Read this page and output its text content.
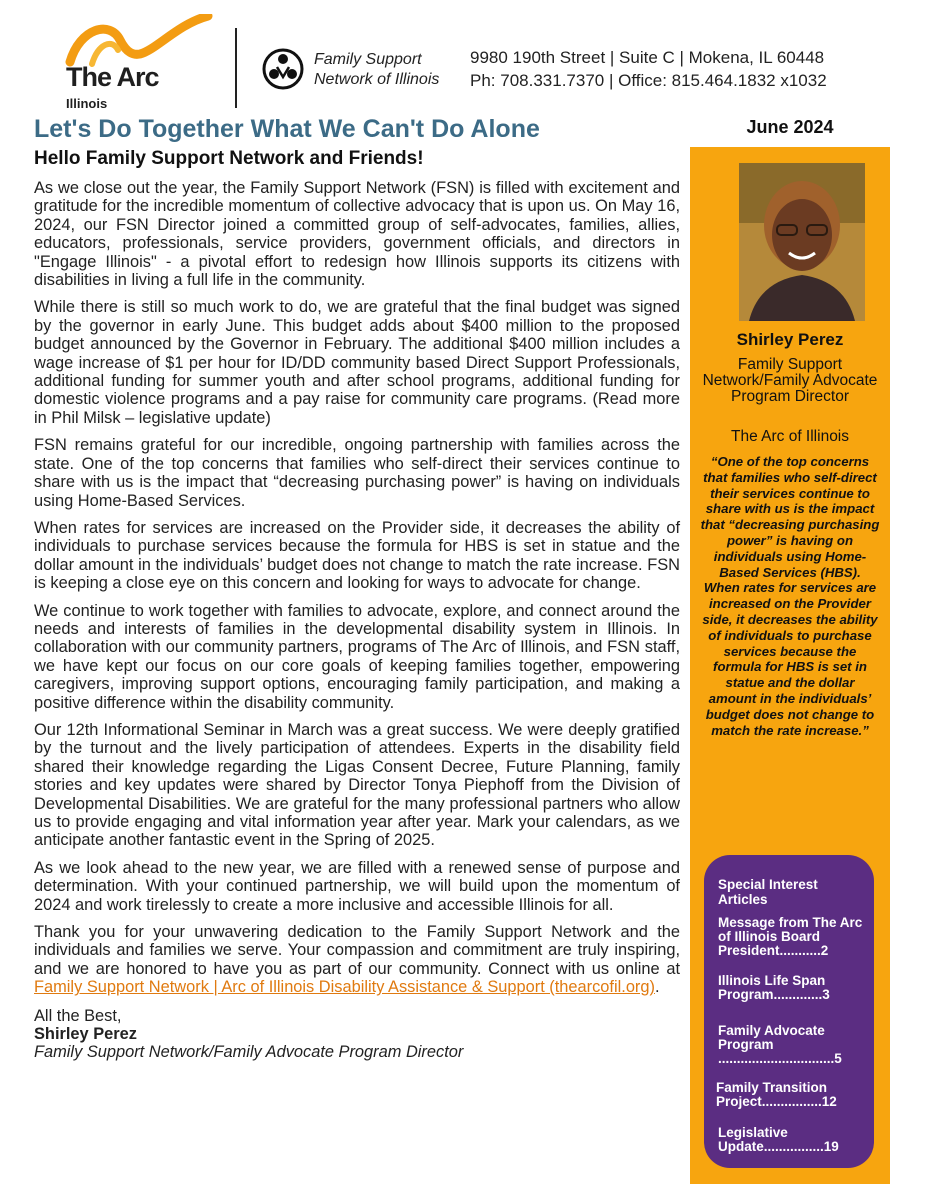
The Arc
Illinois
Family Support
Network of Illinois
9980 190th Street | Suite C | Mokena, IL 60448
Ph: 708.331.7370 | Office: 815.464.1832 x1032
Let's Do Together What We Can't Do Alone
Hello Family Support Network and Friends!

As we close out the year, the Family Support Network (FSN) is filled with excitement and gratitude for the incredible momentum of collective advocacy that is upon us. On May 16, 2024, our FSN Director joined a committed group of self-advocates, families, allies, educators, professionals, service providers, government officials, and directors in "Engage Illinois" - a pivotal effort to redesign how Illinois supports its citizens with disabilities in living a full life in the community.

While there is still so much work to do, we are grateful that the final budget was signed by the governor in early June. This budget adds about $400 million to the proposed budget announced by the Governor in February. The additional $400 million includes a wage increase of $1 per hour for ID/DD community based Direct Support Professionals, additional funding for summer youth and after school programs, additional funding for domestic violence programs and a pay raise for community care programs. (Read more in Phil Milsk – legislative update)

FSN remains grateful for our incredible, ongoing partnership with families across the state. One of the top concerns that families who self-direct their services continue to share with us is the impact that “decreasing purchasing power” is having on individuals using Home-Based Services.

When rates for services are increased on the Provider side, it decreases the ability of individuals to purchase services because the formula for HBS is set in statue and the dollar amount in the individuals’ budget does not change to match the rate increase. FSN is keeping a close eye on this concern and looking for ways to advocate for change.

We continue to work together with families to advocate, explore, and connect around the needs and interests of families in the developmental disability system in Illinois. In collaboration with our community partners, programs of The Arc of Illinois, and FSN staff, we have kept our focus on our core goals of keeping families together, empowering caregivers, improving support options, encouraging family participation, and making a positive difference within the disability community.

Our 12th Informational Seminar in March was a great success. We were deeply gratified by the turnout and the lively participation of attendees. Experts in the disability field shared their knowledge regarding the Ligas Consent Decree, Future Planning, family stories and key updates were shared by Director Tonya Piephoff from the Division of Developmental Disabilities. We are grateful for the many professional partners who allow us to provide engaging and vital information year after year. Mark your calendars, as we anticipate another fantastic event in the Spring of 2025.

As we look ahead to the new year, we are filled with a renewed sense of purpose and determination. With your continued partnership, we will build upon the momentum of 2024 and work tirelessly to create a more inclusive and accessible Illinois for all.

Thank you for your unwavering dedication to the Family Support Network and the individuals and families we serve. Your compassion and commitment are truly inspiring, and we are honored to have you as part of our community. Connect with us online at Family Support Network | Arc of Illinois Disability Assistance & Support (thearcofil.org).

All the Best,
Shirley Perez
Family Support Network/Family Advocate Program Director

June 2024
Shirley Perez
Family Support Network/Family Advocate Program Director
The Arc of Illinois
“One of the top concerns that families who self-direct their services continue to share with us is the impact that “decreasing purchasing power” is having on individuals using Home-Based Services (HBS). When rates for services are increased on the Provider side, it decreases the ability of individuals to purchase services because the formula for HBS is set in statue and the dollar amount in the individuals’ budget does not change to match the rate increase.”
Special Interest Articles
Message from The Arc of Illinois Board President...........2
Illinois Life Span Program.............3
Family Advocate Program ...............................5
Family Transition Project................12
Legislative Update................19
